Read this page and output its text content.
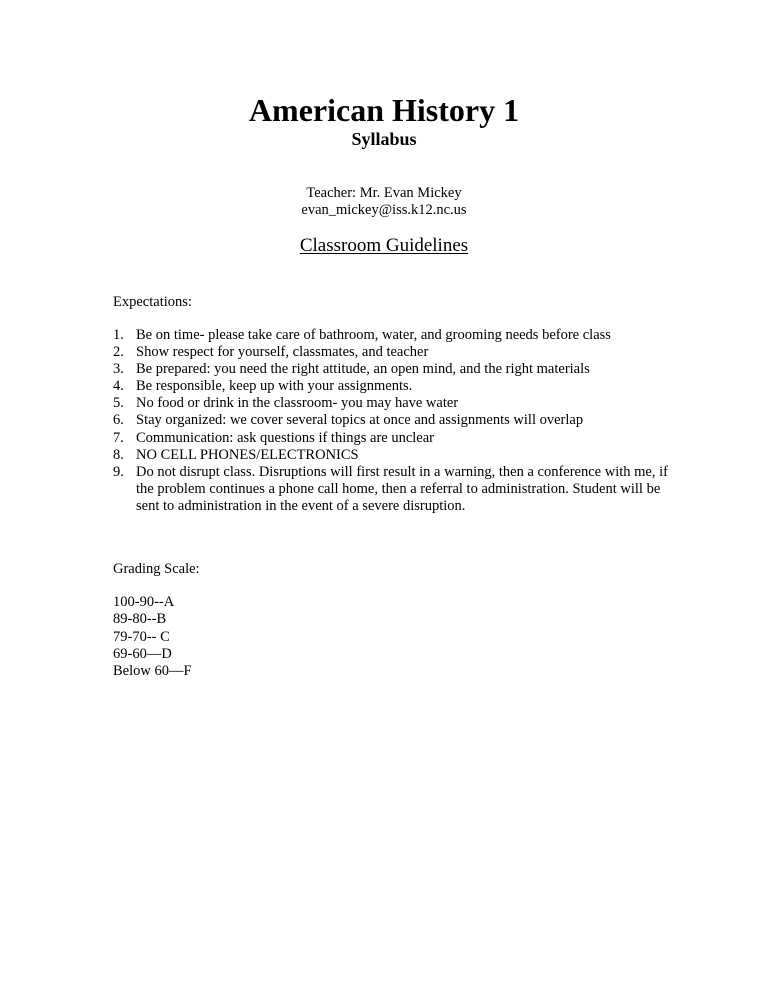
American History 1
Syllabus
Teacher: Mr. Evan Mickey
evan_mickey@iss.k12.nc.us
Classroom Guidelines
Expectations:
1. Be on time- please take care of bathroom, water, and grooming needs before class
2. Show respect for yourself, classmates, and teacher
3. Be prepared: you need the right attitude, an open mind, and the right materials
4. Be responsible, keep up with your assignments.
5. No food or drink in the classroom- you may have water
6. Stay organized: we cover several topics at once and assignments will overlap
7. Communication: ask questions if things are unclear
8. NO CELL PHONES/ELECTRONICS
9. Do not disrupt class. Disruptions will first result in a warning, then a conference with me, if the problem continues a phone call home, then a referral to administration. Student will be sent to administration in the event of a severe disruption.
Grading Scale:
100-90--A
89-80--B
79-70-- C
69-60—D
Below 60—F
